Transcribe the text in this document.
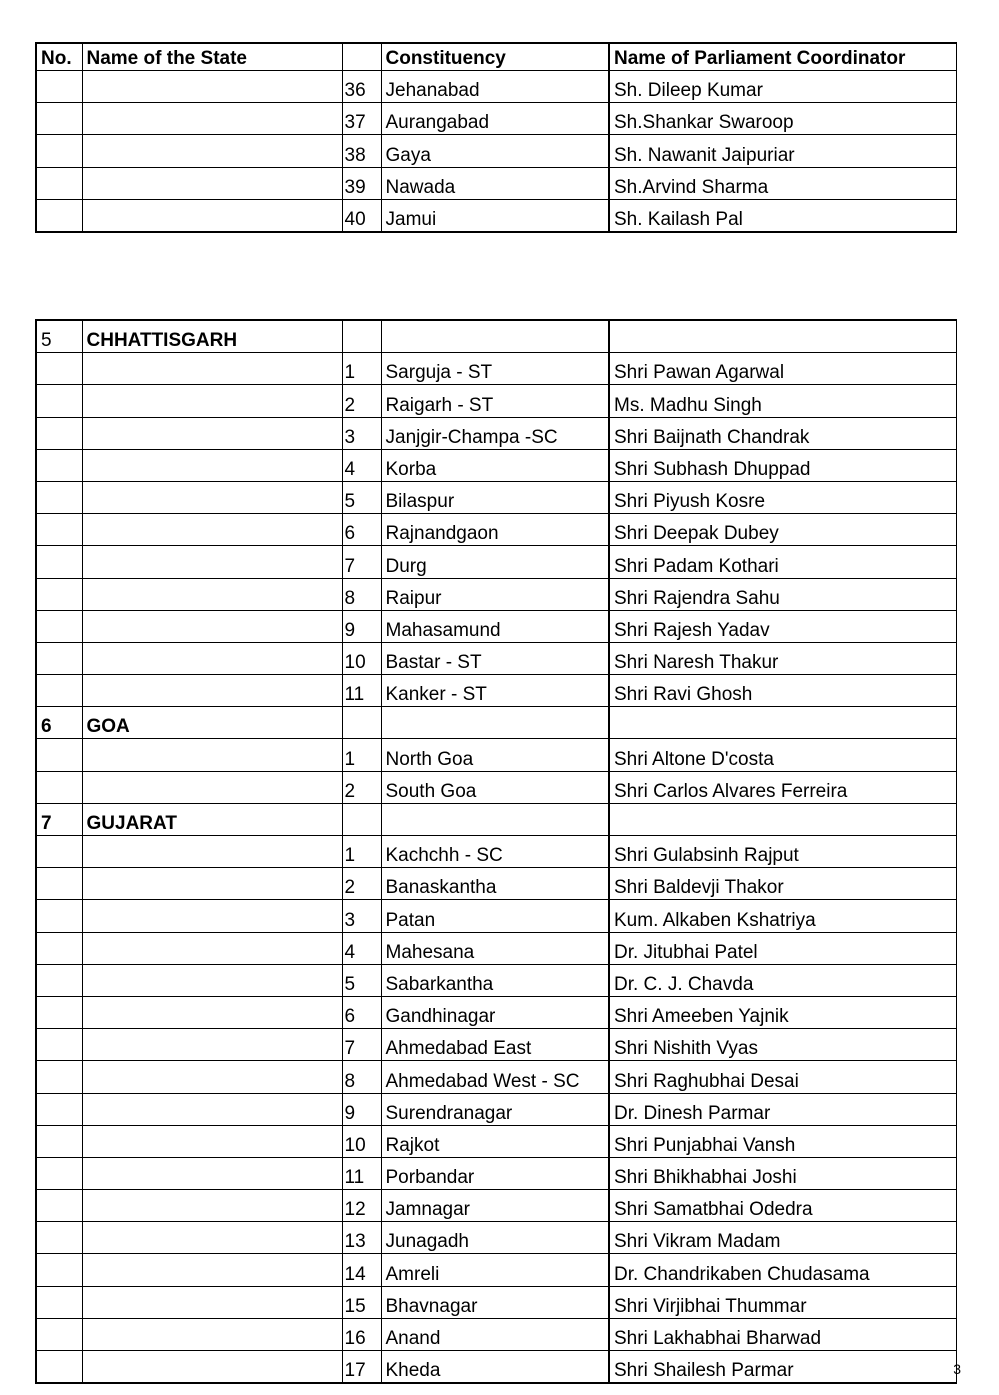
No.	Name of the State		Constituency	Name of Parliament Coordinator
		36	Jehanabad	Sh. Dileep Kumar
		37	Aurangabad	Sh.Shankar Swaroop
		38	Gaya	Sh. Nawanit Jaipuriar
		39	Nawada	Sh.Arvind Sharma
		40	Jamui	Sh. Kailash Pal
5	CHHATTISGARH			
		1	Sarguja - ST	Shri Pawan Agarwal
		2	Raigarh - ST	Ms. Madhu Singh
		3	Janjgir-Champa -SC	Shri Baijnath Chandrak
		4	Korba	Shri Subhash Dhuppad
		5	Bilaspur	Shri Piyush Kosre
		6	Rajnandgaon	Shri Deepak Dubey
		7	Durg	Shri Padam Kothari
		8	Raipur	Shri Rajendra Sahu
		9	Mahasamund	Shri Rajesh Yadav
		10	Bastar - ST	Shri Naresh Thakur
		11	Kanker - ST	Shri Ravi Ghosh
6	GOA			
		1	North Goa	Shri Altone D'costa
		2	South Goa	Shri Carlos Alvares Ferreira
7	GUJARAT			
		1	Kachchh - SC	Shri Gulabsinh Rajput
		2	Banaskantha	Shri Baldevji Thakor
		3	Patan	Kum. Alkaben Kshatriya
		4	Mahesana	Dr. Jitubhai Patel
		5	Sabarkantha	Dr. C. J. Chavda
		6	Gandhinagar	Shri Ameeben Yajnik
		7	Ahmedabad East	Shri Nishith Vyas
		8	Ahmedabad West - SC	Shri Raghubhai Desai
		9	Surendranagar	Dr. Dinesh Parmar
		10	Rajkot	Shri Punjabhai Vansh
		11	Porbandar	Shri Bhikhabhai Joshi
		12	Jamnagar	Shri Samatbhai Odedra
		13	Junagadh	Shri Vikram Madam
		14	Amreli	Dr. Chandrikaben Chudasama
		15	Bhavnagar	Shri Virjibhai Thummar
		16	Anand	Shri Lakhabhai Bharwad
		17	Kheda	Shri Shailesh Parmar	3
